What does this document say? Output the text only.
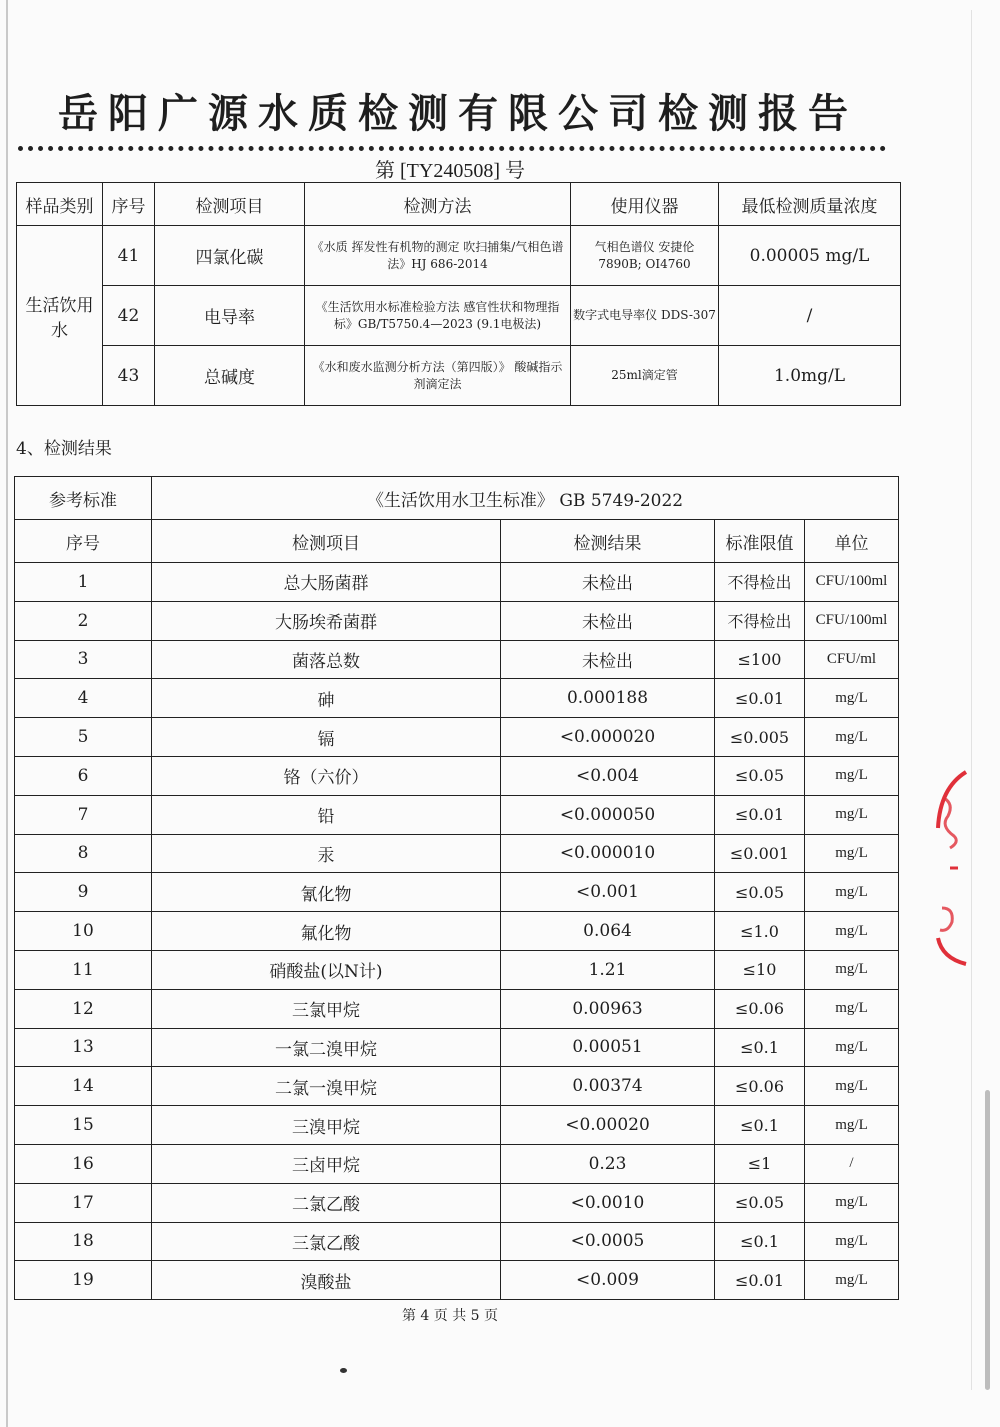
岳阳广源水质检测有限公司检测报告
第 [TY240508] 号
样品类别	序号	检测项目	检测方法	使用仪器	最低检测质量浓度
生活饮用水	41	四氯化碳	《水质 挥发性有机物的测定 吹扫捕集/气相色谱法》HJ 686-2014	气相色谱仪 安捷伦7890B; OI4760	0.00005 mg/L
	42	电导率	《生活饮用水标准检验方法 感官性状和物理指标》GB/T5750.4—2023 (9.1电极法)	数字式电导率仪 DDS-307	/
	43	总碱度	《水和废水监测分析方法（第四版）》 酸碱指示剂滴定法	25ml滴定管	1.0mg/L
4、检测结果
参考标准	《生活饮用水卫生标准》 GB 5749-2022			
序号	检测项目	检测结果	标准限值	单位
1	总大肠菌群	未检出	不得检出	CFU/100ml
2	大肠埃希菌群	未检出	不得检出	CFU/100ml
3	菌落总数	未检出	≤100	CFU/ml
4	砷	0.000188	≤0.01	mg/L
5	镉	<0.000020	≤0.005	mg/L
6	铬（六价）	<0.004	≤0.05	mg/L
7	铅	<0.000050	≤0.01	mg/L
8	汞	<0.000010	≤0.001	mg/L
9	氰化物	<0.001	≤0.05	mg/L
10	氟化物	0.064	≤1.0	mg/L
11	硝酸盐(以N计)	1.21	≤10	mg/L
12	三氯甲烷	0.00963	≤0.06	mg/L
13	一氯二溴甲烷	0.00051	≤0.1	mg/L
14	二氯一溴甲烷	0.00374	≤0.06	mg/L
15	三溴甲烷	<0.00020	≤0.1	mg/L
16	三卤甲烷	0.23	≤1	/
17	二氯乙酸	<0.0010	≤0.05	mg/L
18	三氯乙酸	<0.0005	≤0.1	mg/L
19	溴酸盐	<0.009	≤0.01	mg/L
第 4 页 共 5 页
